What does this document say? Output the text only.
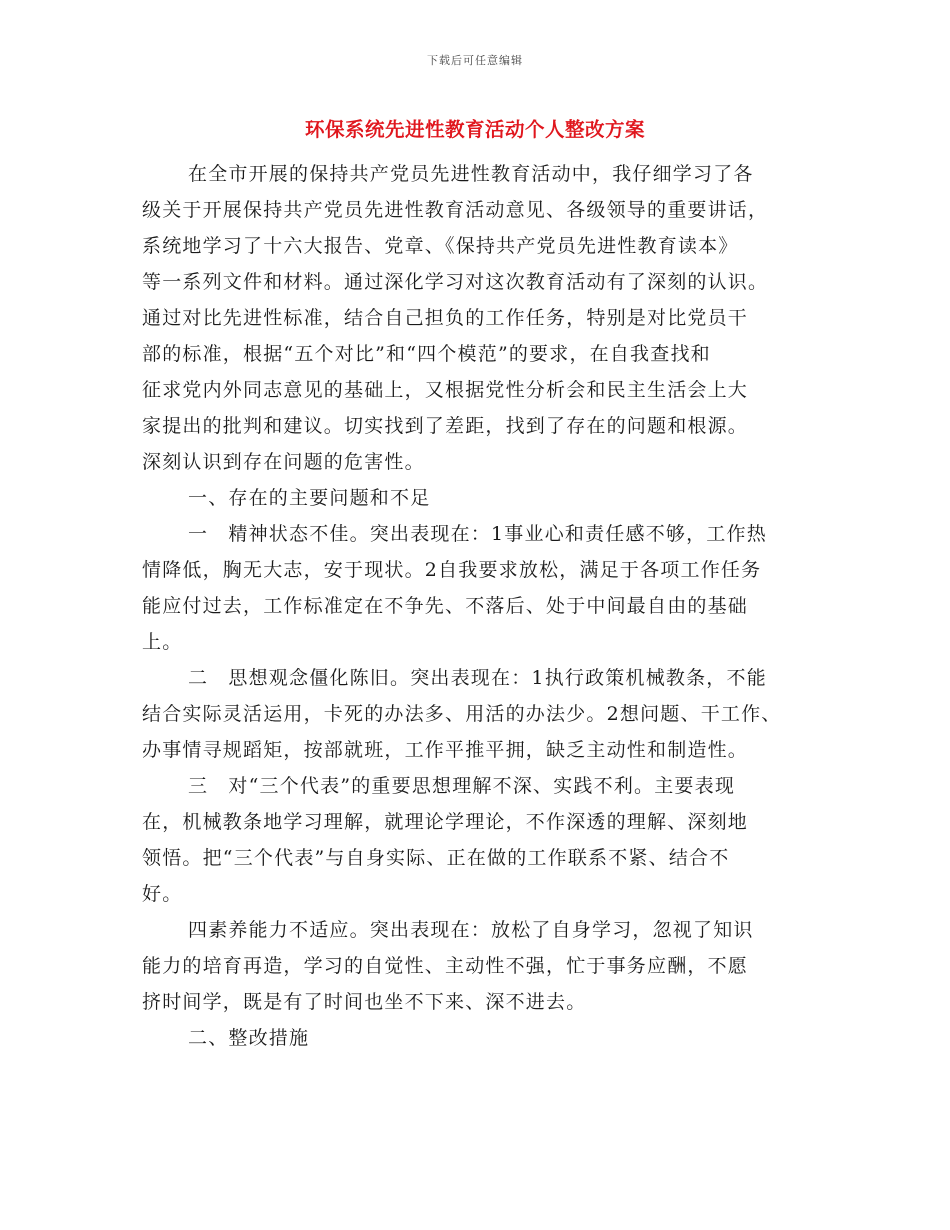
下载后可任意编辑
环保系统先进性教育活动个人整改方案
在全市开展的保持共产党员先进性教育活动中，我仔细学习了各
级关于开展保持共产党员先进性教育活动意见、各级领导的重要讲话，
系统地学习了十六大报告、党章、《保持共产党员先进性教育读本》
等一系列文件和材料。通过深化学习对这次教育活动有了深刻的认识。
通过对比先进性标准，结合自己担负的工作任务，特别是对比党员干
部的标准，根据“五个对比”和“四个模范”的要求，在自我查找和
征求党内外同志意见的基础上，又根据党性分析会和民主生活会上大
家提出的批判和建议。切实找到了差距，找到了存在的问题和根源。
深刻认识到存在问题的危害性。
一、存在的主要问题和不足
一　精神状态不佳。突出表现在：1事业心和责任感不够，工作热
情降低，胸无大志，安于现状。2自我要求放松，满足于各项工作任务
能应付过去，工作标准定在不争先、不落后、处于中间最自由的基础
上。
二　思想观念僵化陈旧。突出表现在：1执行政策机械教条，不能
结合实际灵活运用，卡死的办法多、用活的办法少。2想问题、干工作、
办事情寻规蹈矩，按部就班，工作平推平拥，缺乏主动性和制造性。
三　对“三个代表”的重要思想理解不深、实践不利。主要表现
在，机械教条地学习理解，就理论学理论，不作深透的理解、深刻地
领悟。把“三个代表”与自身实际、正在做的工作联系不紧、结合不
好。
四素养能力不适应。突出表现在：放松了自身学习，忽视了知识
能力的培育再造，学习的自觉性、主动性不强，忙于事务应酬，不愿
挤时间学，既是有了时间也坐不下来、深不进去。
二、整改措施
